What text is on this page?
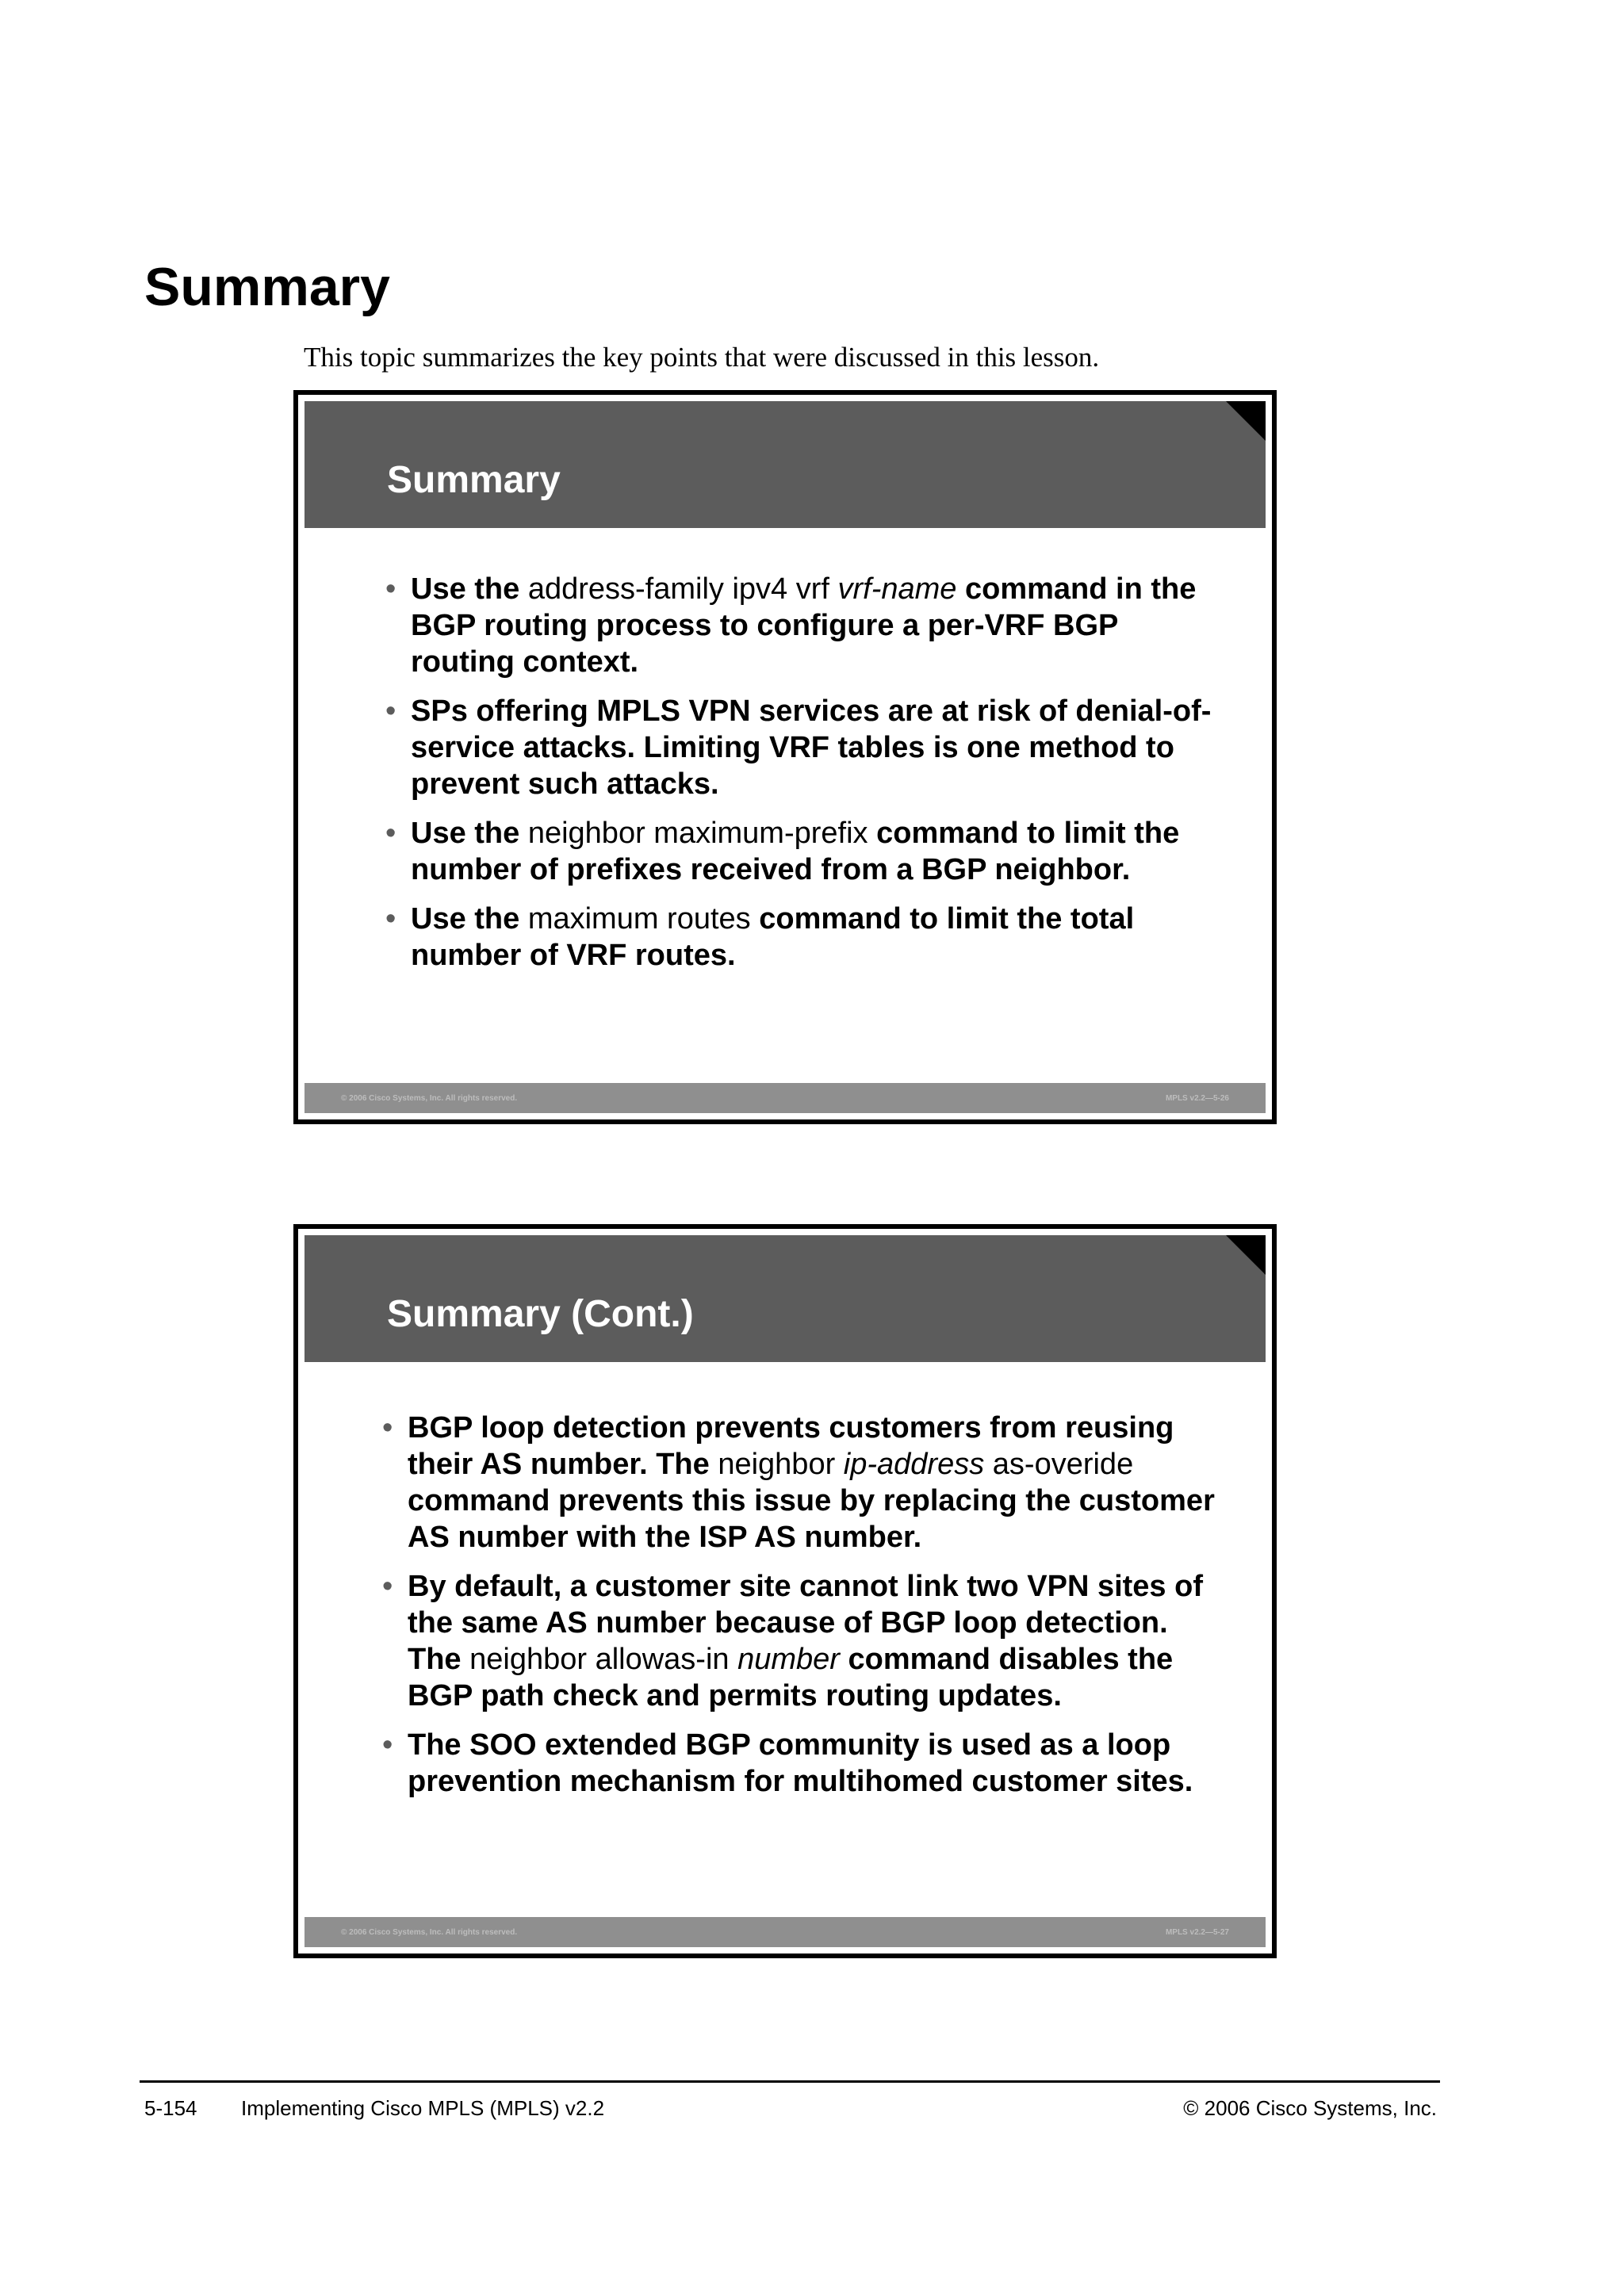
Summary

This topic summarizes the key points that were discussed in this lesson.

Summary
• Use the address-family ipv4 vrf vrf-name command in the BGP routing process to configure a per-VRF BGP routing context.
• SPs offering MPLS VPN services are at risk of denial-of-service attacks. Limiting VRF tables is one method to prevent such attacks.
• Use the neighbor maximum-prefix command to limit the number of prefixes received from a BGP neighbor.
• Use the maximum routes command to limit the total number of VRF routes.
© 2006 Cisco Systems, Inc. All rights reserved.	MPLS v2.2—5-26
Summary (Cont.)
• BGP loop detection prevents customers from reusing their AS number. The neighbor ip-address as-overide command prevents this issue by replacing the customer AS number with the ISP AS number.
• By default, a customer site cannot link two VPN sites of the same AS number because of BGP loop detection. The neighbor allowas-in number command disables the BGP path check and permits routing updates.
• The SOO extended BGP community is used as a loop prevention mechanism for multihomed customer sites.
© 2006 Cisco Systems, Inc. All rights reserved.	MPLS v2.2—5-27
5-154 Implementing Cisco MPLS (MPLS) v2.2	© 2006 Cisco Systems, Inc.
